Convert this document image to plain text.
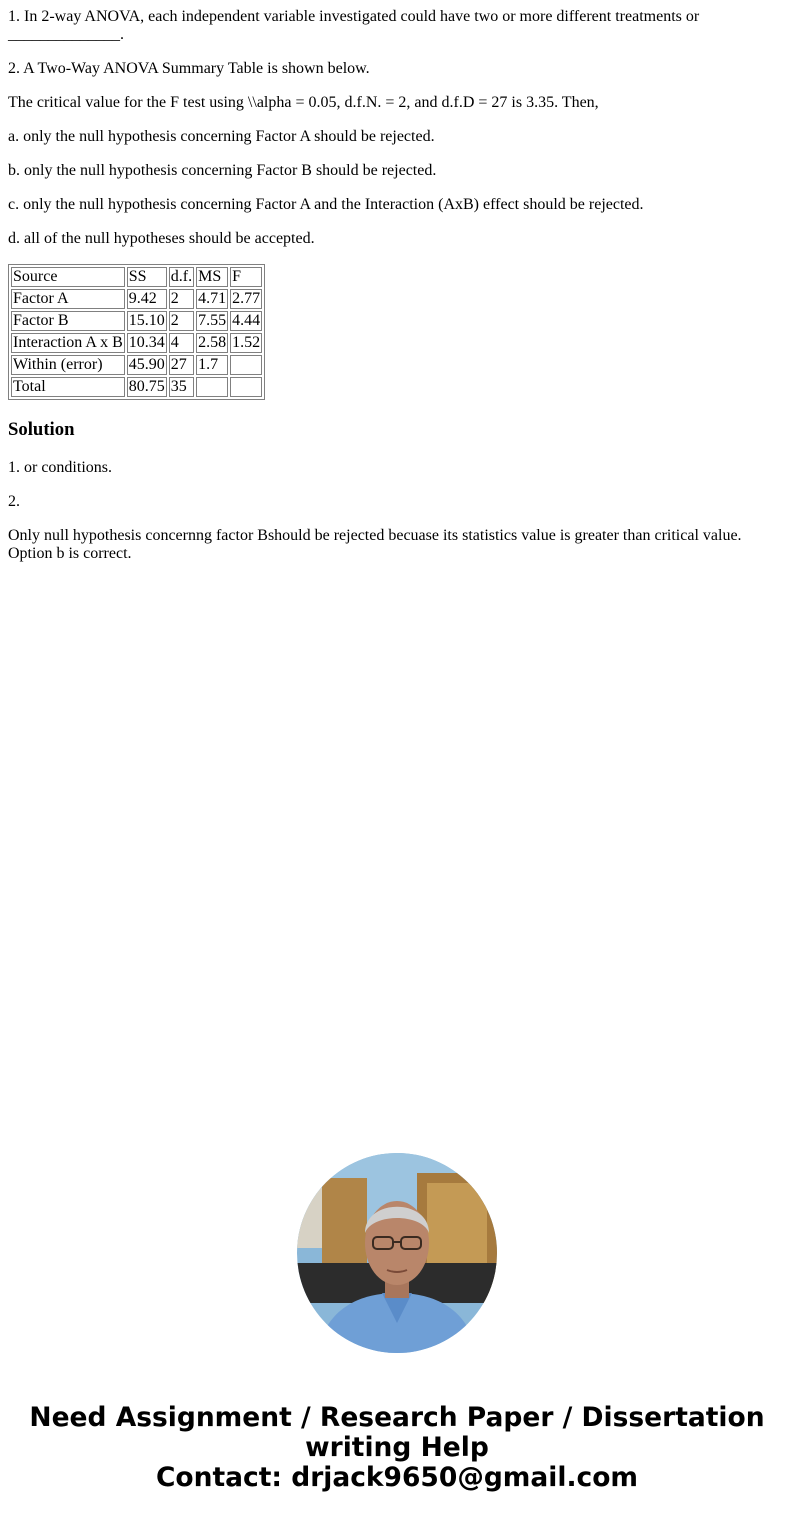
1. In 2-way ANOVA, each independent variable investigated could have two or more different treatments or ______________.

2. A Two-Way ANOVA Summary Table is shown below.

The critical value for the F test using \\alpha = 0.05, d.f.N. = 2, and d.f.D = 27 is 3.35. Then,

a. only the null hypothesis concerning Factor A should be rejected.

b. only the null hypothesis concerning Factor B should be rejected.

c. only the null hypothesis concerning Factor A and the Interaction (AxB) effect should be rejected.

d. all of the null hypotheses should be accepted.

Source	SS	d.f.	MS	F
Factor A	9.42	2	4.71	2.77
Factor B	15.10	2	7.55	4.44
Interaction A x B	10.34	4	2.58	1.52
Within (error)	45.90	27	1.7	
Total	80.75	35		
Solution

1. or conditions.

2.

Only null hypothesis concernng factor Bshould be rejected becuase its statistics value is greater than critical value. Option b is correct.

Need Assignment / Research Paper / Dissertation
writing Help
Contact: drjack9650@gmail.com
